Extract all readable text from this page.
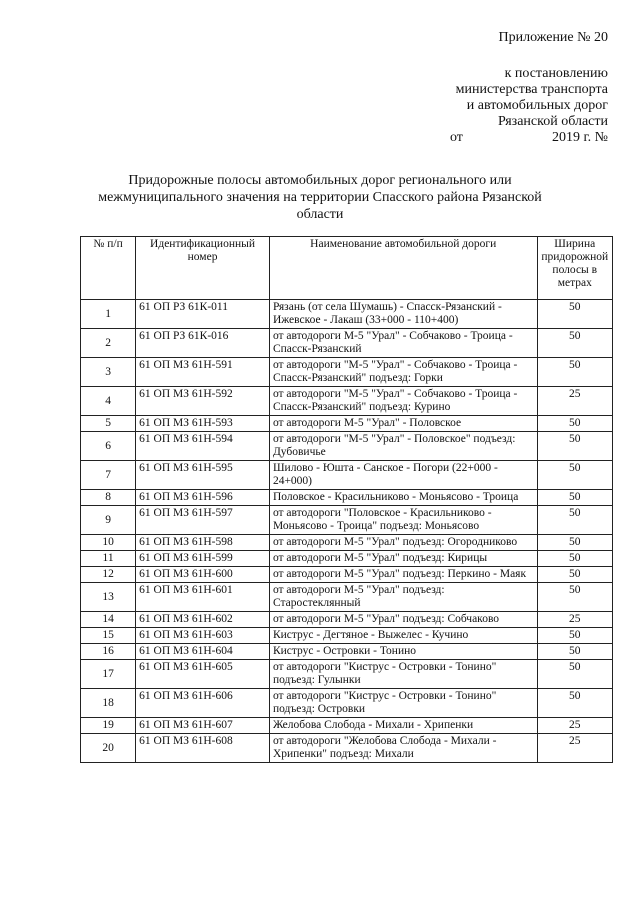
Приложение № 20
к постановлению
министерства транспорта
и автомобильных дорог
Рязанской области
от	2019 г. №
Придорожные полосы автомобильных дорог регионального или межмуниципального значения на территории Спасского района Рязанской области
№ п/п	Идентификационный номер	Наименование автомобильной дороги	Ширина придорожной полосы в метрах
1	61 ОП РЗ 61К-011	Рязань (от села Шумашь) - Спасск-Рязанский - Ижевское - Лакаш (33+000 - 110+400)	50
2	61 ОП РЗ 61К-016	от автодороги М-5 "Урал" - Собчаково - Троица - Спасск-Рязанский	50
3	61 ОП МЗ 61Н-591	от автодороги "М-5 "Урал" - Собчаково - Троица - Спасск-Рязанский" подъезд: Горки	50
4	61 ОП МЗ 61Н-592	от автодороги "М-5 "Урал" - Собчаково - Троица - Спасск-Рязанский" подъезд: Курино	25
5	61 ОП МЗ 61Н-593	от автодороги М-5 "Урал" - Половское	50
6	61 ОП МЗ 61Н-594	от автодороги "М-5 "Урал" - Половское" подъезд: Дубовичье	50
7	61 ОП МЗ 61Н-595	Шилово - Юшта - Санское - Погори (22+000 - 24+000)	50
8	61 ОП МЗ 61Н-596	Половское - Красильниково - Моньясово - Троица	50
9	61 ОП МЗ 61Н-597	от автодороги "Половское - Красильниково - Моньясово - Троица" подъезд: Моньясово	50
10	61 ОП МЗ 61Н-598	от автодороги М-5 "Урал" подъезд: Огородниково	50
11	61 ОП МЗ 61Н-599	от автодороги М-5 "Урал" подъезд: Кирицы	50
12	61 ОП МЗ 61Н-600	от автодороги М-5 "Урал" подъезд: Перкино - Маяк	50
13	61 ОП МЗ 61Н-601	от автодороги М-5 "Урал" подъезд: Старостеклянный	50
14	61 ОП МЗ 61Н-602	от автодороги М-5 "Урал" подъезд: Собчаково	25
15	61 ОП МЗ 61Н-603	Киструс - Дегтяное - Выжелес - Кучино	50
16	61 ОП МЗ 61Н-604	Киструс - Островки - Тонино	50
17	61 ОП МЗ 61Н-605	от автодороги "Киструс - Островки - Тонино" подъезд: Гулынки	50
18	61 ОП МЗ 61Н-606	от автодороги "Киструс - Островки - Тонино" подъезд: Островки	50
19	61 ОП МЗ 61Н-607	Желобова Слобода - Михали - Хрипенки	25
20	61 ОП МЗ 61Н-608	от автодороги "Желобова Слобода - Михали - Хрипенки" подъезд: Михали	25
